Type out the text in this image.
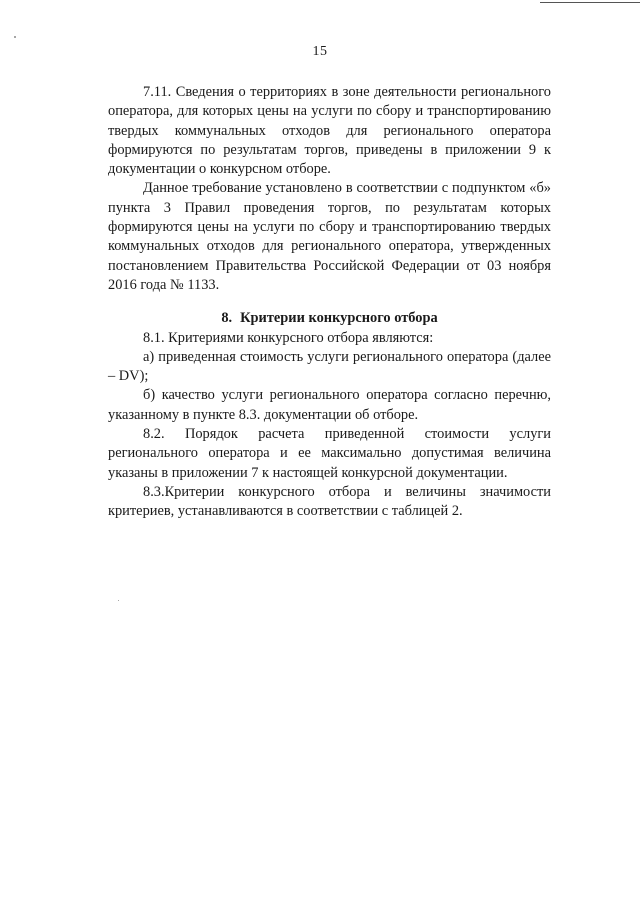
15

7.11. Сведения о территориях в зоне деятельности регионального оператора, для которых цены на услуги по сбору и транспортированию твердых коммунальных отходов для регионального оператора формируются по результатам торгов, приведены в приложении 9 к документации о конкурсном отборе.

Данное требование установлено в соответствии с подпунктом «б» пункта 3 Правил проведения торгов, по результатам которых формируются цены на услуги по сбору и транспортированию твердых коммунальных отходов для регионального оператора, утвержденных постановлением Правительства Российской Федерации от 03 ноября 2016 года № 1133.

8. Критерии конкурсного отбора

8.1. Критериями конкурсного отбора являются:

а) приведенная стоимость услуги регионального оператора (далее – DV);

б) качество услуги регионального оператора согласно перечню, указанному в пункте 8.3. документации об отборе.

8.2. Порядок расчета приведенной стоимости услуги регионального оператора и ее максимально допустимая величина указаны в приложении 7 к настоящей конкурсной документации.

8.3.Критерии конкурсного отбора и величины значимости критериев, устанавливаются в соответствии с таблицей 2.
